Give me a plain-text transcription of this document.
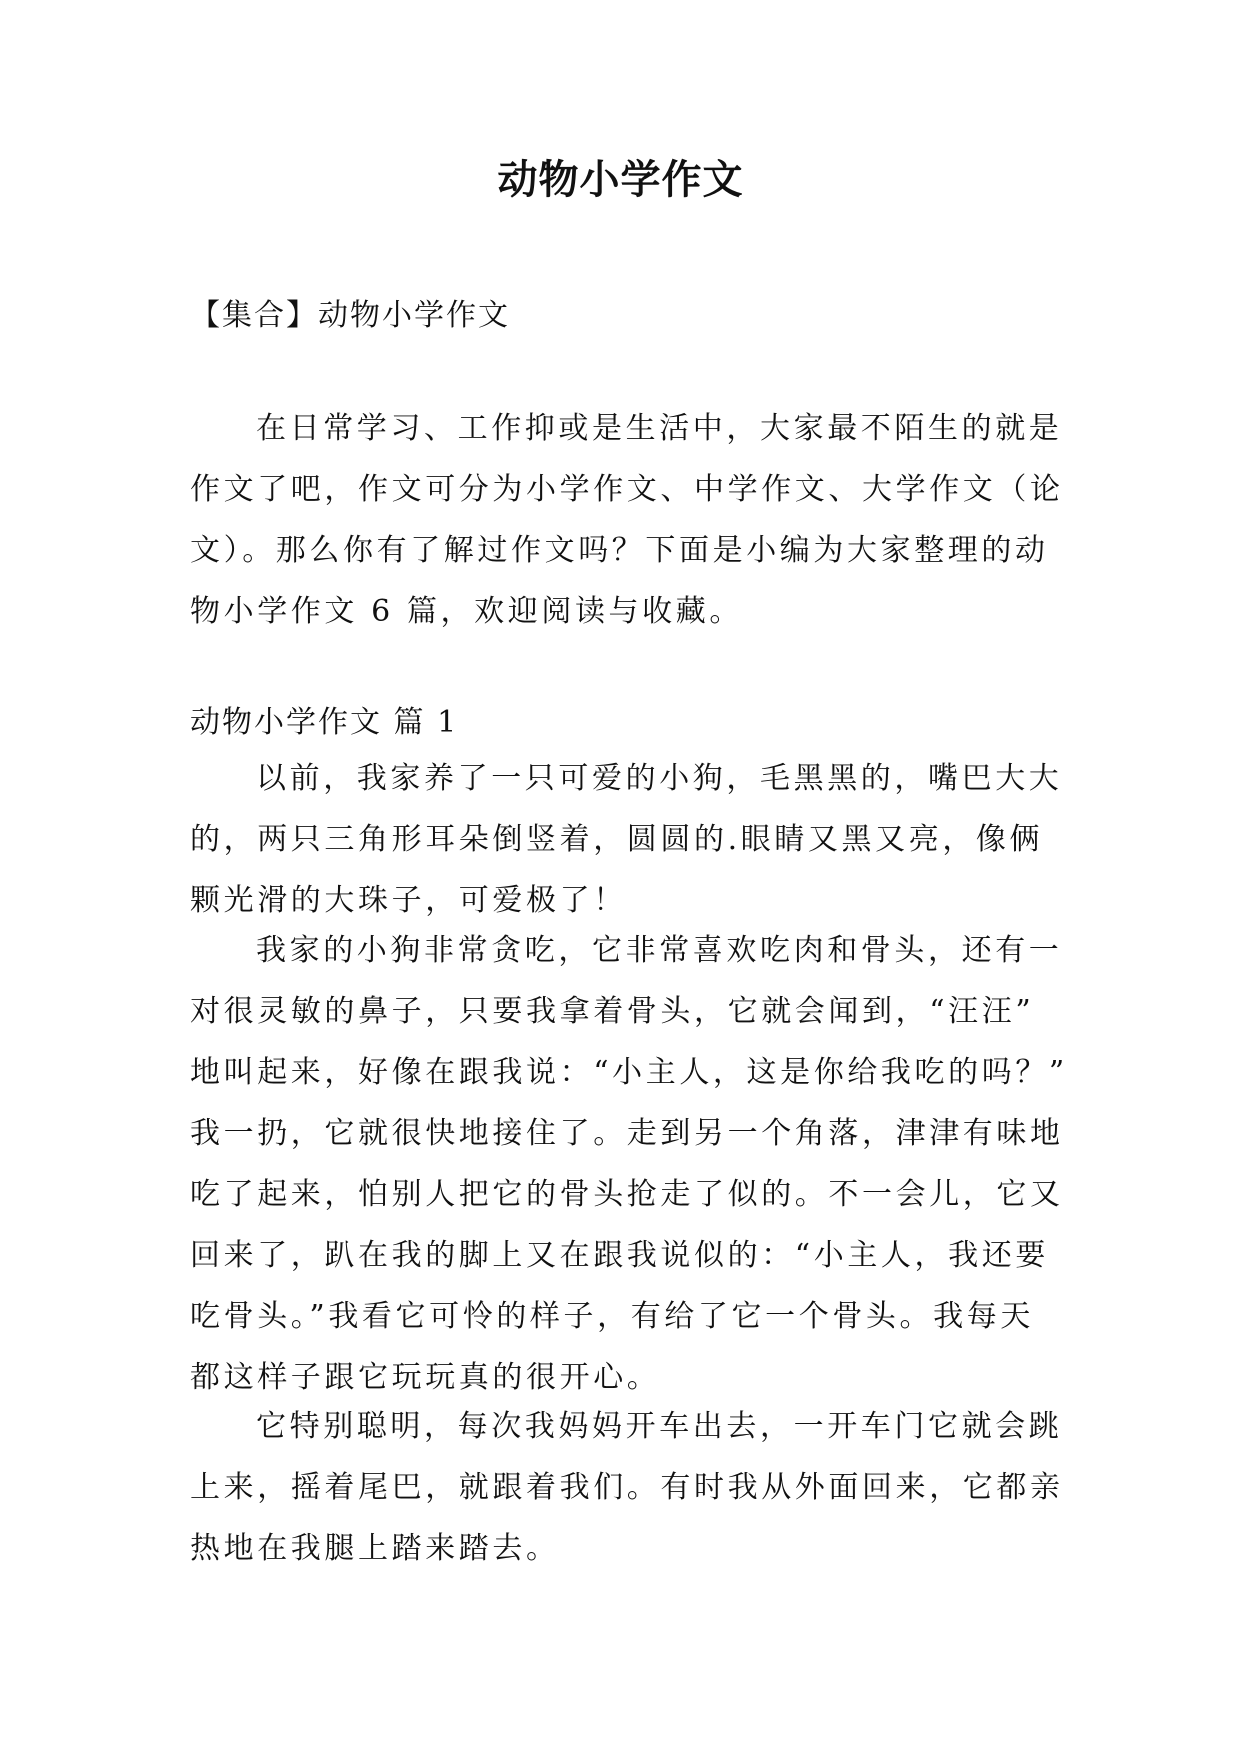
动物小学作文
【集合】动物小学作文
在日常学习、工作抑或是生活中，大家最不陌生的就是
作文了吧，作文可分为小学作文、中学作文、大学作文（论
文）。那么你有了解过作文吗？下面是小编为大家整理的动
物小学作文 6 篇，欢迎阅读与收藏。
动物小学作文 篇 1
以前，我家养了一只可爱的小狗，毛黑黑的，嘴巴大大
的，两只三角形耳朵倒竖着，圆圆的.眼睛又黑又亮，像俩
颗光滑的大珠子，可爱极了！
我家的小狗非常贪吃，它非常喜欢吃肉和骨头，还有一
对很灵敏的鼻子，只要我拿着骨头，它就会闻到，“汪汪”
地叫起来，好像在跟我说：“小主人，这是你给我吃的吗？”
我一扔，它就很快地接住了。走到另一个角落，津津有味地
吃了起来，怕别人把它的骨头抢走了似的。不一会儿，它又
回来了，趴在我的脚上又在跟我说似的：“小主人，我还要
吃骨头。”我看它可怜的样子，有给了它一个骨头。我每天
都这样子跟它玩玩真的很开心。
它特别聪明，每次我妈妈开车出去，一开车门它就会跳
上来，摇着尾巴，就跟着我们。有时我从外面回来，它都亲
热地在我腿上踏来踏去。
